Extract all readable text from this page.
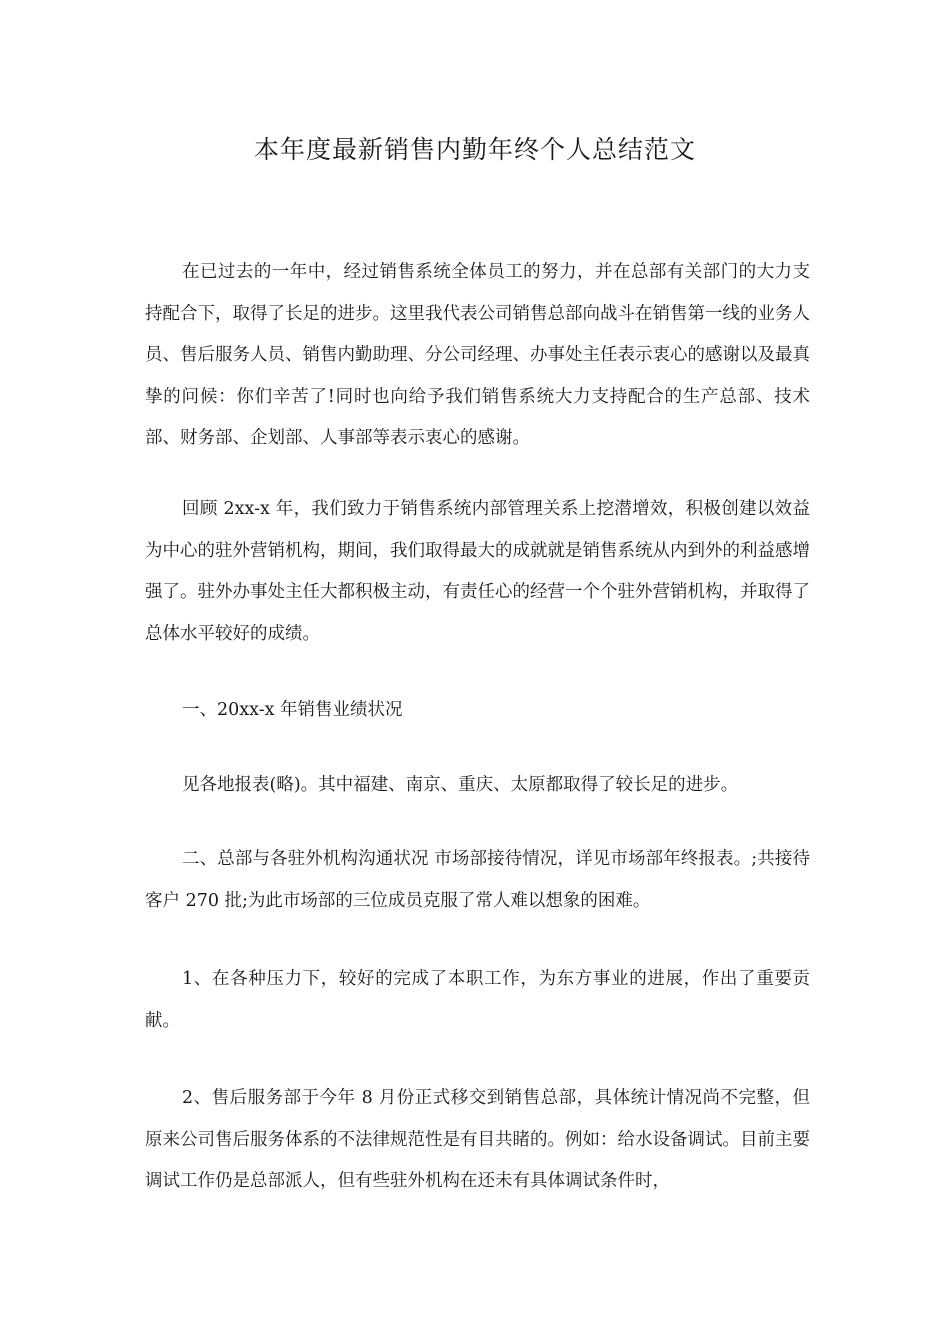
本年度最新销售内勤年终个人总结范文

在已过去的一年中，经过销售系统全体员工的努力，并在总部有关部门的大力支持配合下，取得了长足的进步。这里我代表公司销售总部向战斗在销售第一线的业务人员、售后服务人员、销售内勤助理、分公司经理、办事处主任表示衷心的感谢以及最真挚的问候：你们辛苦了!同时也向给予我们销售系统大力支持配合的生产总部、技术部、财务部、企划部、人事部等表示衷心的感谢。

回顾 2xx-x 年，我们致力于销售系统内部管理关系上挖潜增效，积极创建以效益为中心的驻外营销机构，期间，我们取得最大的成就就是销售系统从内到外的利益感增强了。驻外办事处主任大都积极主动，有责任心的经营一个个驻外营销机构，并取得了总体水平较好的成绩。

一、20xx-x 年销售业绩状况

见各地报表(略)。其中福建、南京、重庆、太原都取得了较长足的进步。

二、总部与各驻外机构沟通状况 市场部接待情况，详见市场部年终报表。;共接待客户 270 批;为此市场部的三位成员克服了常人难以想象的困难。

1、在各种压力下，较好的完成了本职工作，为东方事业的进展，作出了重要贡献。

2、售后服务部于今年 8 月份正式移交到销售总部，具体统计情况尚不完整，但原来公司售后服务体系的不法律规范性是有目共睹的。例如：给水设备调试。目前主要调试工作仍是总部派人，但有些驻外机构在还未有具体调试条件时，
